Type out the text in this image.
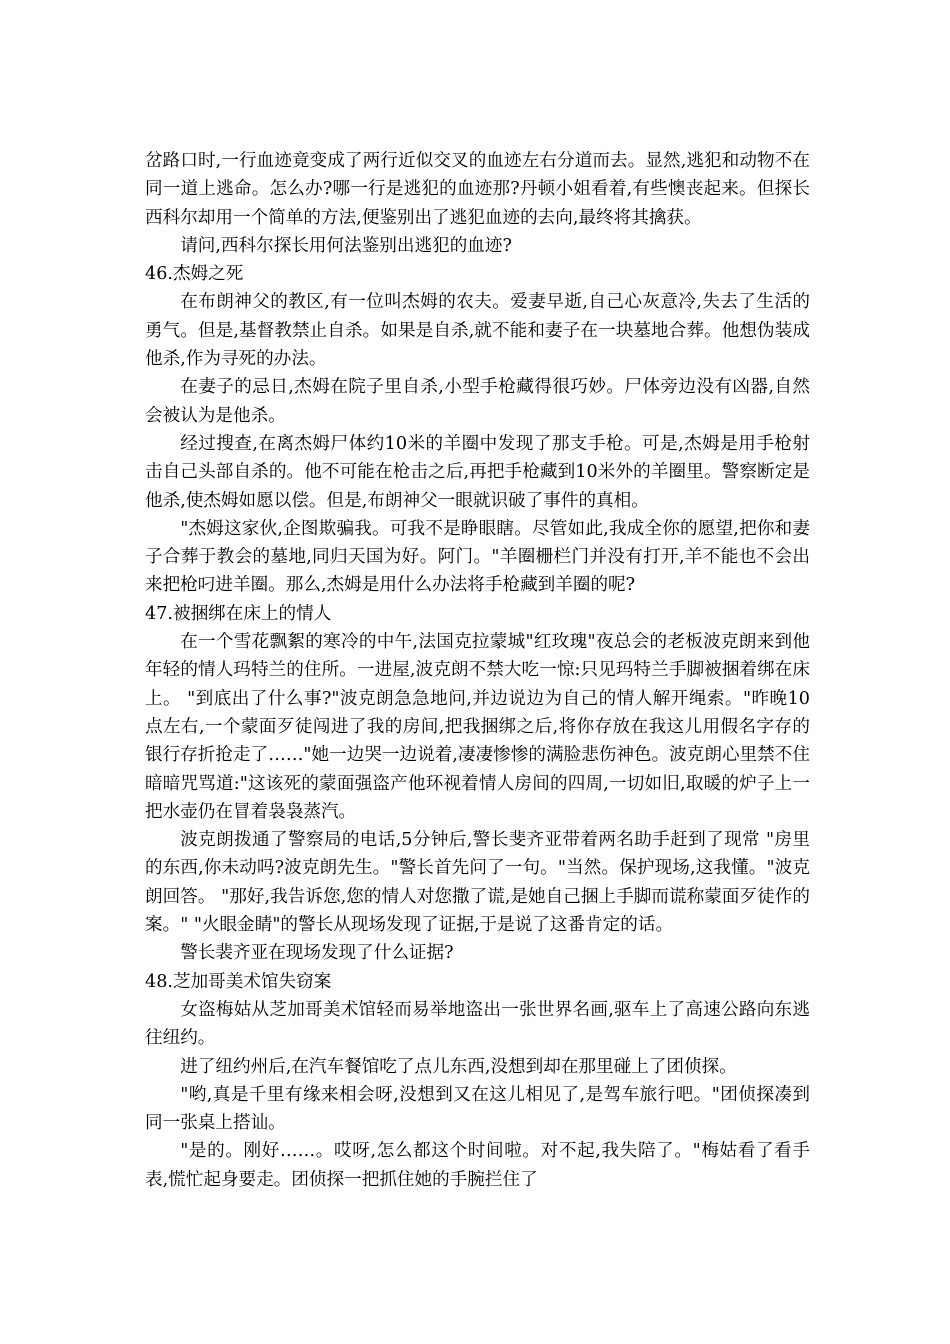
岔路口时,一行血迹竟变成了两行近似交叉的血迹左右分道而去。显然,逃犯和动物不在同一道上逃命。怎么办?哪一行是逃犯的血迹那?丹顿小姐看着,有些懊丧起来。但探长西科尔却用一个简单的方法,便鉴别出了逃犯血迹的去向,最终将其擒获。

请问,西科尔探长用何法鉴别出逃犯的血迹?

46.杰姆之死

在布朗神父的教区,有一位叫杰姆的农夫。爱妻早逝,自己心灰意冷,失去了生活的勇气。但是,基督教禁止自杀。如果是自杀,就不能和妻子在一块墓地合葬。他想伪装成他杀,作为寻死的办法。

在妻子的忌日,杰姆在院子里自杀,小型手枪藏得很巧妙。尸体旁边没有凶器,自然会被认为是他杀。

经过搜查,在离杰姆尸体约10米的羊圈中发现了那支手枪。可是,杰姆是用手枪射击自己头部自杀的。他不可能在枪击之后,再把手枪藏到10米外的羊圈里。警察断定是他杀,使杰姆如愿以偿。但是,布朗神父一眼就识破了事件的真相。

"杰姆这家伙,企图欺骗我。可我不是睁眼瞎。尽管如此,我成全你的愿望,把你和妻子合葬于教会的墓地,同归天国为好。阿门。"羊圈栅栏门并没有打开,羊不能也不会出来把枪叼进羊圈。那么,杰姆是用什么办法将手枪藏到羊圈的呢?

47.被捆绑在床上的情人

在一个雪花飘絮的寒冷的中午,法国克拉蒙城"红玫瑰"夜总会的老板波克朗来到他年轻的情人玛特兰的住所。一进屋,波克朗不禁大吃一惊:只见玛特兰手脚被捆着绑在床上。 "到底出了什么事?"波克朗急急地问,并边说边为自己的情人解开绳索。"昨晚10点左右,一个蒙面歹徒闯进了我的房间,把我捆绑之后,将你存放在我这儿用假名字存的银行存折抢走了……"她一边哭一边说着,凄凄惨惨的满脸悲伤神色。波克朗心里禁不住暗暗咒骂道:"这该死的蒙面强盗产他环视着情人房间的四周,一切如旧,取暖的炉子上一把水壶仍在冒着袅袅蒸汽。

波克朗拨通了警察局的电话,5分钟后,警长斐齐亚带着两名助手赶到了现常 "房里的东西,你未动吗?波克朗先生。"警长首先问了一句。"当然。保护现场,这我懂。"波克朗回答。 "那好,我告诉您,您的情人对您撒了谎,是她自己捆上手脚而谎称蒙面歹徒作的案。" "火眼金睛"的警长从现场发现了证据,于是说了这番肯定的话。

警长裴齐亚在现场发现了什么证据?

48.芝加哥美术馆失窃案

女盗梅姑从芝加哥美术馆轻而易举地盗出一张世界名画,驱车上了高速公路向东逃往纽约。

进了纽约州后,在汽车餐馆吃了点儿东西,没想到却在那里碰上了团侦探。

"哟,真是千里有缘来相会呀,没想到又在这儿相见了,是驾车旅行吧。"团侦探凑到同一张桌上搭讪。

"是的。刚好……。哎呀,怎么都这个时间啦。对不起,我失陪了。"梅姑看了看手表,慌忙起身要走。团侦探一把抓住她的手腕拦住了
